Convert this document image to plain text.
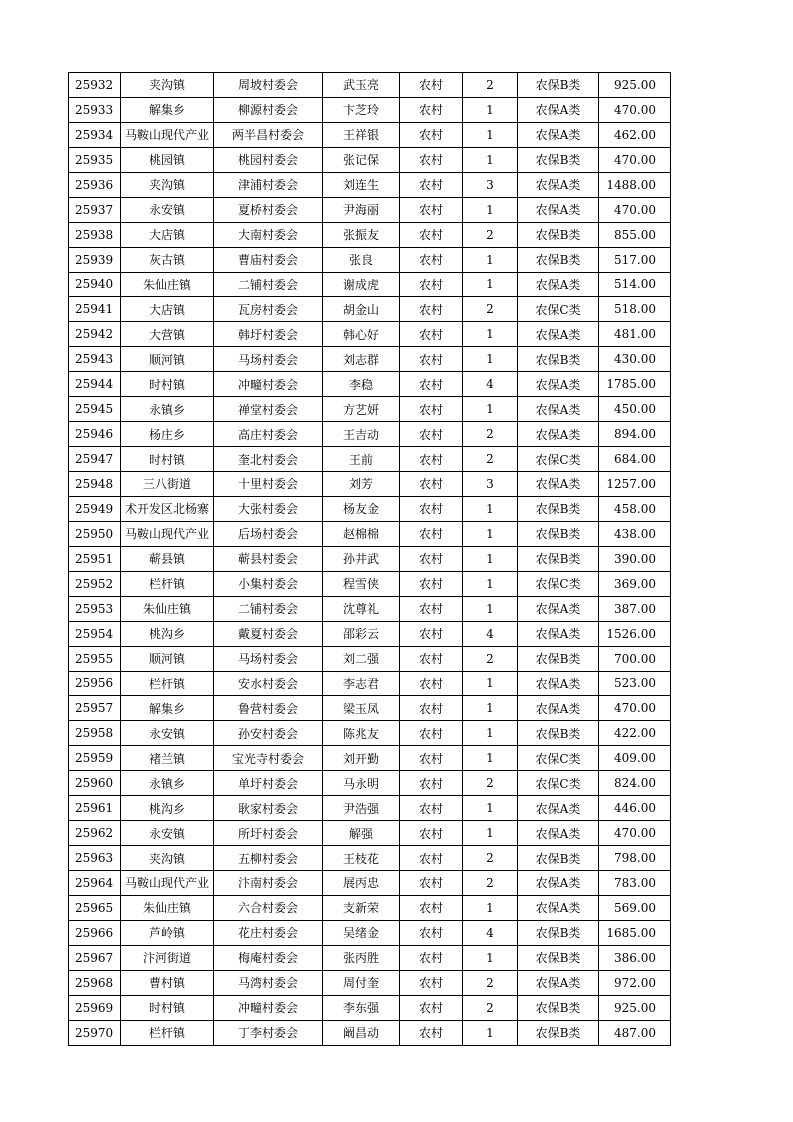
25932	夹沟镇	周坡村委会	武玉亮	农村	2	农保B类	925.00
25933	解集乡	柳源村委会	卞芝玲	农村	1	农保A类	470.00
25934	马鞍山现代产业	两半昌村委会	王祥银	农村	1	农保A类	462.00
25935	桃园镇	桃园村委会	张记保	农村	1	农保B类	470.00
25936	夹沟镇	津浦村委会	刘连生	农村	3	农保A类	1488.00
25937	永安镇	夏桥村委会	尹海丽	农村	1	农保A类	470.00
25938	大店镇	大南村委会	张振友	农村	2	农保B类	855.00
25939	灰古镇	曹庙村委会	张良	农村	1	农保B类	517.00
25940	朱仙庄镇	二铺村委会	谢成虎	农村	1	农保A类	514.00
25941	大店镇	瓦房村委会	胡金山	农村	2	农保C类	518.00
25942	大营镇	韩圩村委会	韩心好	农村	1	农保A类	481.00
25943	顺河镇	马场村委会	刘志群	农村	1	农保B类	430.00
25944	时村镇	冲疃村委会	李稳	农村	4	农保A类	1785.00
25945	永镇乡	禅堂村委会	方艺妍	农村	1	农保A类	450.00
25946	杨庄乡	高庄村委会	王吉动	农村	2	农保A类	894.00
25947	时村镇	奎北村委会	王前	农村	2	农保C类	684.00
25948	三八街道	十里村委会	刘芳	农村	3	农保A类	1257.00
25949	术开发区北杨寨	大张村委会	杨友金	农村	1	农保B类	458.00
25950	马鞍山现代产业	后场村委会	赵棉棉	农村	1	农保B类	438.00
25951	蕲县镇	蕲县村委会	孙井武	农村	1	农保B类	390.00
25952	栏杆镇	小集村委会	程雪侠	农村	1	农保C类	369.00
25953	朱仙庄镇	二铺村委会	沈尊礼	农村	1	农保A类	387.00
25954	桃沟乡	戴夏村委会	邵彩云	农村	4	农保A类	1526.00
25955	顺河镇	马场村委会	刘二强	农村	2	农保B类	700.00
25956	栏杆镇	安水村委会	李志君	农村	1	农保A类	523.00
25957	解集乡	鲁营村委会	梁玉凤	农村	1	农保A类	470.00
25958	永安镇	孙安村委会	陈兆友	农村	1	农保B类	422.00
25959	褚兰镇	宝光寺村委会	刘开勤	农村	1	农保C类	409.00
25960	永镇乡	单圩村委会	马永明	农村	2	农保C类	824.00
25961	桃沟乡	耿家村委会	尹浩强	农村	1	农保A类	446.00
25962	永安镇	所圩村委会	解强	农村	1	农保A类	470.00
25963	夹沟镇	五柳村委会	王枝花	农村	2	农保B类	798.00
25964	马鞍山现代产业	汴南村委会	展丙忠	农村	2	农保A类	783.00
25965	朱仙庄镇	六合村委会	支新荣	农村	1	农保A类	569.00
25966	芦岭镇	花庄村委会	吴绪金	农村	4	农保B类	1685.00
25967	汴河街道	梅庵村委会	张丙胜	农村	1	农保B类	386.00
25968	曹村镇	马湾村委会	周付奎	农村	2	农保A类	972.00
25969	时村镇	冲疃村委会	李东强	农村	2	农保B类	925.00
25970	栏杆镇	丁李村委会	阚昌动	农村	1	农保B类	487.00
